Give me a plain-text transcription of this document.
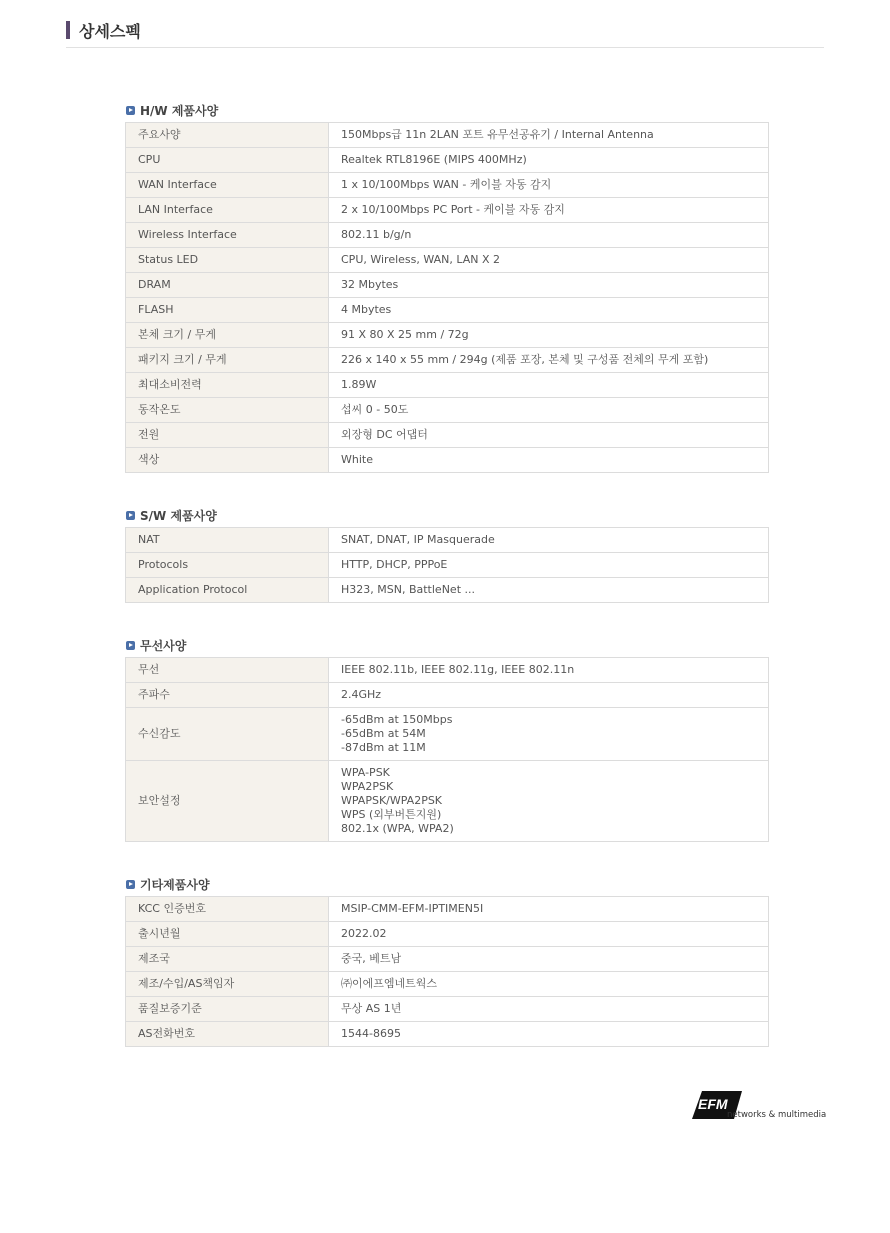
상세스펙
H/W 제품사양
주요사양	150Mbps급 11n 2LAN 포트 유무선공유기 / Internal Antenna
CPU	Realtek RTL8196E (MIPS 400MHz)
WAN Interface	1 x 10/100Mbps WAN - 케이블 자동 감지
LAN Interface	2 x 10/100Mbps PC Port - 케이블 자동 감지
Wireless Interface	802.11 b/g/n
Status LED	CPU, Wireless, WAN, LAN X 2
DRAM	32 Mbytes
FLASH	4 Mbytes
본체 크기 / 무게	91 X 80 X 25 mm / 72g
패키지 크기 / 무게	226 x 140 x 55 mm / 294g (제품 포장, 본체 및 구성품 전체의 무게 포함)
최대소비전력	1.89W
동작온도	섭씨 0 - 50도
전원	외장형 DC 어댑터
색상	White
S/W 제품사양
NAT	SNAT, DNAT, IP Masquerade
Protocols	HTTP, DHCP, PPPoE
Application Protocol	H323, MSN, BattleNet ...
무선사양
무선	IEEE 802.11b, IEEE 802.11g, IEEE 802.11n
주파수	2.4GHz
수신감도	-65dBm at 150Mbps
-65dBm at 54M
-87dBm at 11M

보안설정	WPA-PSK
WPA2PSK
WPAPSK/WPA2PSK
WPS (외부버튼지원)
802.1x (WPA, WPA2)
기타제품사양
KCC 인증번호	MSIP-CMM-EFM-IPTIMEN5I
출시년월	2022.02
제조국	중국, 베트남
제조/수입/AS책임자	㈜이에프엠네트웍스
품질보증기준	무상 AS 1년
AS전화번호	1544-8695
EFM
networks & multimedia
